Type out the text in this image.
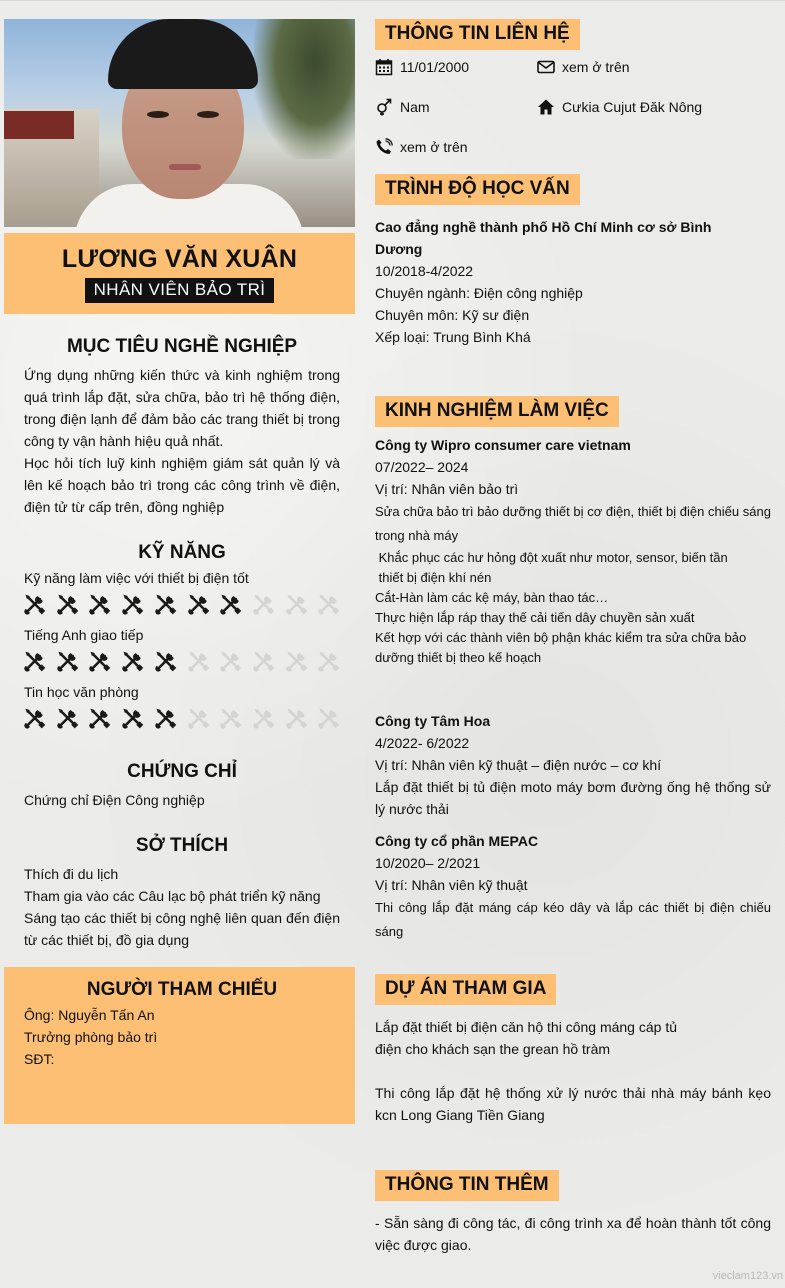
LƯƠNG VĂN XUÂN
NHÂN VIÊN BẢO TRÌ
MỤC TIÊU NGHỀ NGHIỆP
Ứng dụng những kiến thức và kinh nghiệm trong quá trình lắp đặt, sửa chữa, bảo trì hệ thống điện, trong điện lạnh để đảm bảo các trang thiết bị trong công ty vận hành hiệu quả nhất.
Học hỏi tích luỹ kinh nghiệm giám sát quản lý và lên kế hoạch bảo trì trong các công trình về điện, điện tử từ cấp trên, đồng nghiệp
KỸ NĂNG
Kỹ năng làm việc với thiết bị điện tốt
Tiếng Anh giao tiếp
Tin học văn phòng
CHỨNG CHỈ
Chứng chỉ Điện Công nghiệp
SỞ THÍCH
Thích đi du lịch
Tham gia vào các Câu lạc bộ phát triển kỹ năng
Sáng tạo các thiết bị công nghệ liên quan đến điện từ các thiết bị, đồ gia dụng
NGƯỜI THAM CHIẾU
Ông: Nguyễn Tấn An
Trưởng phòng bảo trì
SĐT:
THÔNG TIN LIÊN HỆ
11/01/2000	xem ở trên
Nam	Cưkia Cujut Đăk Nông
xem ở trên
TRÌNH ĐỘ HỌC VẤN
Cao đẳng nghề thành phố Hồ Chí Minh cơ sở Bình
Dương
10/2018-4/2022
Chuyên ngành: Điện công nghiệp
Chuyên môn: Kỹ sư điện
Xếp loại: Trung Bình Khá
KINH NGHIỆM LÀM VIỆC
Công ty Wipro consumer care vietnam
07/2022– 2024
Vị trí: Nhân viên bảo trì
Sửa chữa bảo trì bảo dưỡng thiết bị cơ điện, thiết bị điện chiếu sáng trong nhà máy
Khắc phục các hư hỏng đột xuất như motor, sensor, biến tần
thiết bị điện khí nén
Cắt-Hàn làm các kệ máy, bàn thao tác…
Thực hiện lắp ráp thay thế cải tiến dây chuyền sản xuất
Kết hợp với các thành viên bộ phận khác kiểm tra sửa chữa bảo dưỡng thiết bị theo kế hoạch
Công ty Tâm Hoa
4/2022- 6/2022
Vị trí: Nhân viên kỹ thuật – điện nước – cơ khí
Lắp đặt thiết bị tủ điện moto máy bơm đường ống hệ thống sử lý nước thải
Công ty cổ phần MEPAC
10/2020– 2/2021
Vị trí: Nhân viên kỹ thuật
Thi công lắp đặt máng cáp kéo dây và lắp các thiết bị điện chiếu sáng
DỰ ÁN THAM GIA
Lắp đặt thiết bị điện căn hộ thi công máng cáp tủ
điện cho khách sạn the grean hồ tràm
Thi công lắp đặt hệ thống xử lý nước thải nhà máy bánh kẹo kcn Long Giang Tiền Giang
THÔNG TIN THÊM
- Sẵn sàng đi công tác, đi công trình xa để hoàn thành tốt công việc được giao.
vieclam123.vn
